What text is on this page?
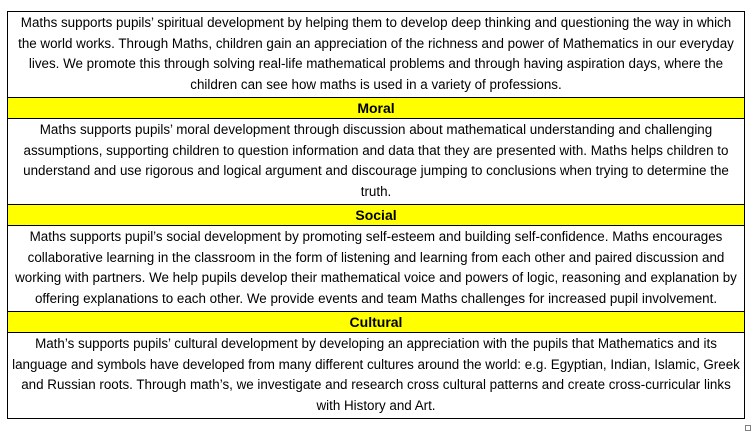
Maths supports pupils’ spiritual development by helping them to develop deep thinking and questioning the way in which the world works. Through Maths, children gain an appreciation of the richness and power of Mathematics in our everyday lives. We promote this through solving real-life mathematical problems and through having aspiration days, where the children can see how maths is used in a variety of professions.
Moral
Maths supports pupils’ moral development through discussion about mathematical understanding and challenging assumptions, supporting children to question information and data that they are presented with. Maths helps children to understand and use rigorous and logical argument and discourage jumping to conclusions when trying to determine the truth.
Social
Maths supports pupil’s social development by promoting self-esteem and building self-confidence. Maths encourages collaborative learning in the classroom in the form of listening and learning from each other and paired discussion and working with partners. We help pupils develop their mathematical voice and powers of logic, reasoning and explanation by offering explanations to each other. We provide events and team Maths challenges for increased pupil involvement.
Cultural
Math’s supports pupils’ cultural development by developing an appreciation with the pupils that Mathematics and its language and symbols have developed from many different cultures around the world: e.g. Egyptian, Indian, Islamic, Greek and Russian roots. Through math’s, we investigate and research cross cultural patterns and create cross-curricular links with History and Art.
